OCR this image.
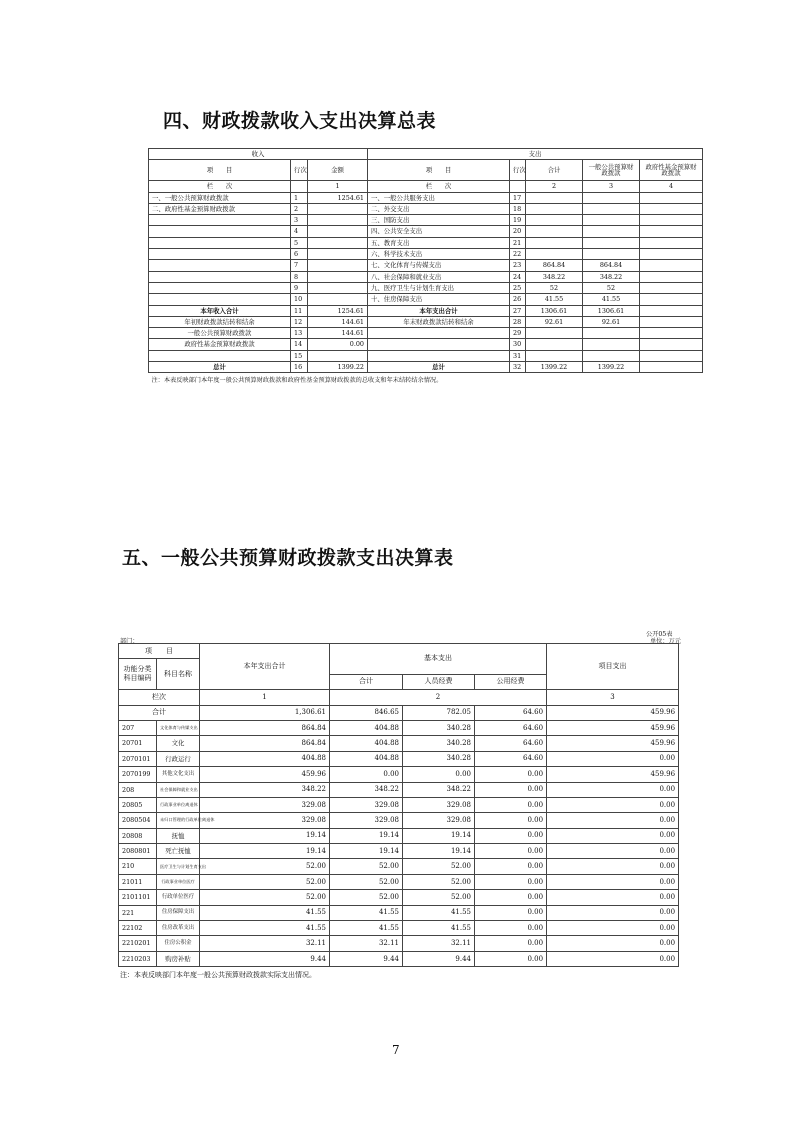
四、财政拨款收入支出决算总表
收入			支出				
项　　目	行次	金额	项　　目	行次	合计	一般公共预算财政拨款	政府性基金预算财政拨款
栏　　次		1	栏　　次		2	3	4
一、一般公共预算财政拨款	1	1254.61	一、一般公共服务支出	17			
二、政府性基金预算财政拨款	2		二、外交支出	18			
	3		三、国防支出	19			
	4		四、公共安全支出	20			
	5		五、教育支出	21			
	6		六、科学技术支出	22			
	7		七、文化体育与传媒支出	23	864.84	864.84	
	8		八、社会保障和就业支出	24	348.22	348.22	
	9		九、医疗卫生与计划生育支出	25	52	52	
	10		十、住房保障支出	26	41.55	41.55	
本年收入合计	11	1254.61	本年支出合计	27	1306.61	1306.61	
年初财政拨款结转和结余	12	144.61	年末财政拨款结转和结余	28	92.61	92.61	
一般公共预算财政拨款	13	144.61		29			
政府性基金预算财政拨款	14	0.00		30			
	15			31			
总计	16	1399.22	总计	32	1399.22	1399.22	
注：本表反映部门本年度一般公共预算财政拨款和政府性基金预算财政拨款的总收支和年末结转结余情况。							
五、一般公共预算财政拨款支出决算表
公开05表
部门：	单位：万元
项　　目		本年支出合计	基本支出			项目支出
功能分类科目编码	科目名称					
			合计	人员经费	公用经费	
栏次		1	2			3
合计		1,306.61	846.65	782.05	64.60	459.96
207	文化体育与传媒支出	864.84	404.88	340.28	64.60	459.96
20701	文化	864.84	404.88	340.28	64.60	459.96
2070101	行政运行	404.88	404.88	340.28	64.60	0.00
2070199	其他文化支出	459.96	0.00	0.00	0.00	459.96
208	社会保障和就业支出	348.22	348.22	348.22	0.00	0.00
20805	行政事业单位离退休	329.08	329.08	329.08	0.00	0.00
2080504	未归口管理的行政单位离退休	329.08	329.08	329.08	0.00	0.00
20808	抚恤	19.14	19.14	19.14	0.00	0.00
2080801	死亡抚恤	19.14	19.14	19.14	0.00	0.00
210	医疗卫生与计划生育支出	52.00	52.00	52.00	0.00	0.00
21011	行政事业单位医疗	52.00	52.00	52.00	0.00	0.00
2101101	行政单位医疗	52.00	52.00	52.00	0.00	0.00
221	住房保障支出	41.55	41.55	41.55	0.00	0.00
22102	住房改革支出	41.55	41.55	41.55	0.00	0.00
2210201	住房公积金	32.11	32.11	32.11	0.00	0.00
2210203	购房补贴	9.44	9.44	9.44	0.00	0.00
注：本表反映部门本年度一般公共预算财政拨款实际支出情况。
7
